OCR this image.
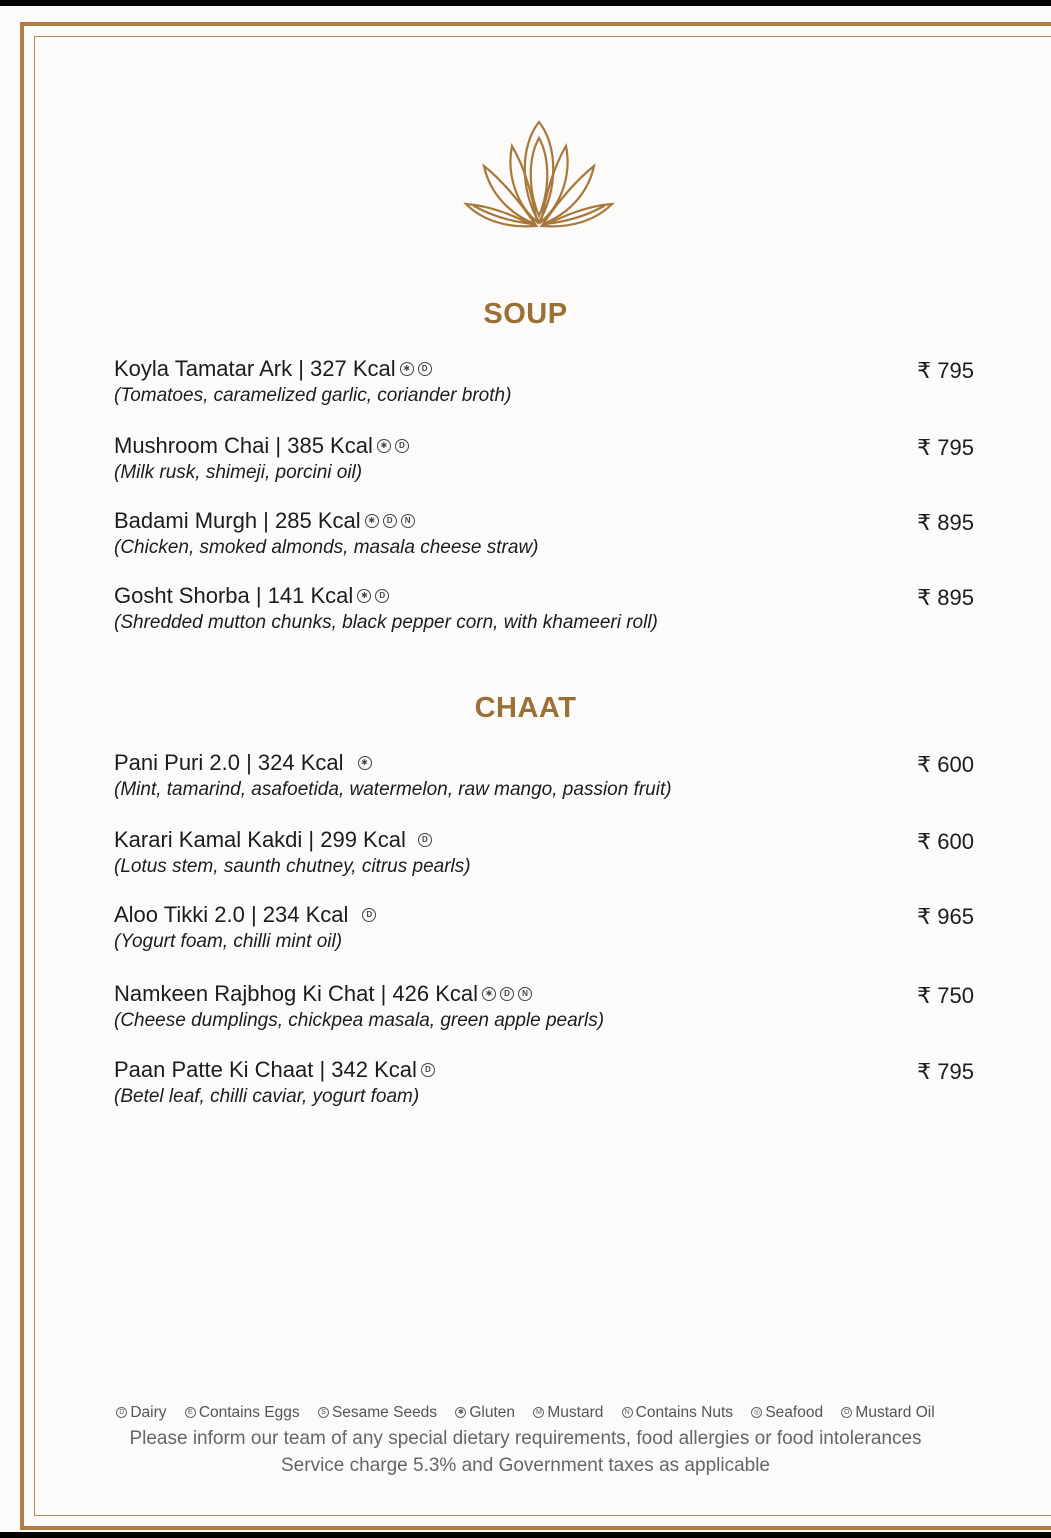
SOUP
Koyla Tamatar Ark | 327 Kcal ✱	D
(Tomatoes, caramelized garlic, coriander broth)
₹ 795
Mushroom Chai | 385 Kcal ✱	D
(Milk rusk, shimeji, porcini oil)
₹ 795
Badami Murgh | 285 Kcal ✱	D	N
(Chicken, smoked almonds, masala cheese straw)
₹ 895
Gosht Shorba | 141 Kcal ✱	D
(Shredded mutton chunks, black pepper corn, with khameeri roll)
₹ 895
CHAAT
Pani Puri 2.0 | 324 Kcal	✱
(Mint, tamarind, asafoetida, watermelon, raw mango, passion fruit)
₹ 600
Karari Kamal Kakdi | 299 Kcal	D
(Lotus stem, saunth chutney, citrus pearls)
₹ 600
Aloo Tikki 2.0 | 234 Kcal	D
(Yogurt foam, chilli mint oil)
₹ 965
Namkeen Rajbhog Ki Chat | 426 Kcal ✱	D	N
(Cheese dumplings, chickpea masala, green apple pearls)
₹ 750
Paan Patte Ki Chaat | 342 Kcal	D
(Betel leaf, chilli caviar, yogurt foam)
₹ 795
D Dairy	E Contains Eggs	S Sesame Seeds	✱ Gluten	M Mustard	N Contains Nuts	◎ Seafood	O Mustard Oil
Please inform our team of any special dietary requirements, food allergies or food intolerances
Service charge 5.3% and Government taxes as applicable
